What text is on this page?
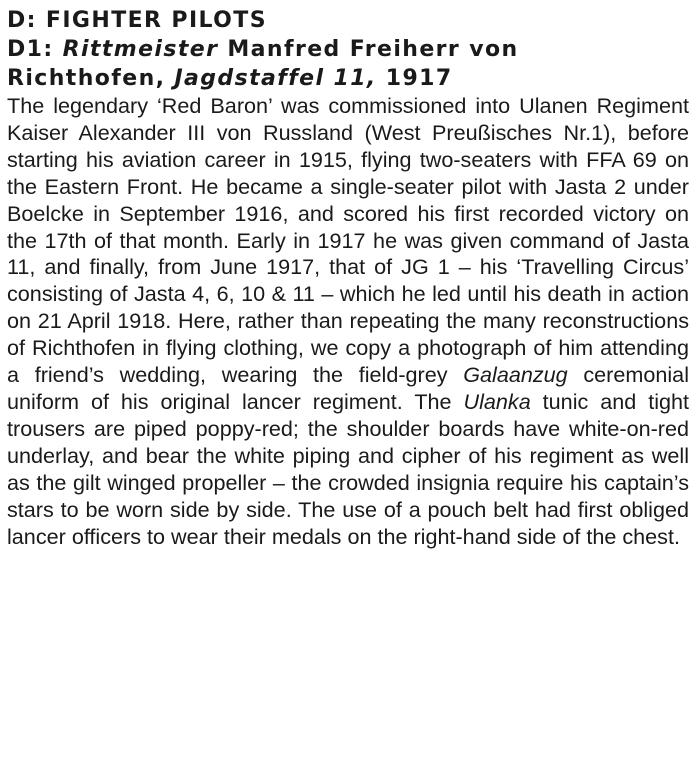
D: FIGHTER PILOTS
D1: Rittmeister Manfred Freiherr von
Richthofen, Jagdstaffel 11, 1917

The legendary ‘Red Baron’ was commissioned into Ulanen Regiment Kaiser Alexander III von Russland (West Preußisches Nr.1), before starting his aviation career in 1915, flying two-seaters with FFA 69 on the Eastern Front. He became a single-seater pilot with Jasta 2 under Boelcke in September 1916, and scored his first recorded victory on the 17th of that month. Early in 1917 he was given command of Jasta 11, and finally, from June 1917, that of JG 1 – his ‘Travelling Circus’ consisting of Jasta 4, 6, 10 & 11 – which he led until his death in action on 21 April 1918. Here, rather than repeating the many reconstructions of Richthofen in flying clothing, we copy a photograph of him attending a friend’s wedding, wearing the field-grey Galaanzug ceremonial uniform of his original lancer regiment. The Ulanka tunic and tight trousers are piped poppy-red; the shoulder boards have white-on-red underlay, and bear the white piping and cipher of his regiment as well as the gilt winged propeller – the crowded insignia require his captain’s stars to be worn side by side. The use of a pouch belt had first obliged lancer officers to wear their medals on the right-hand side of the chest.
